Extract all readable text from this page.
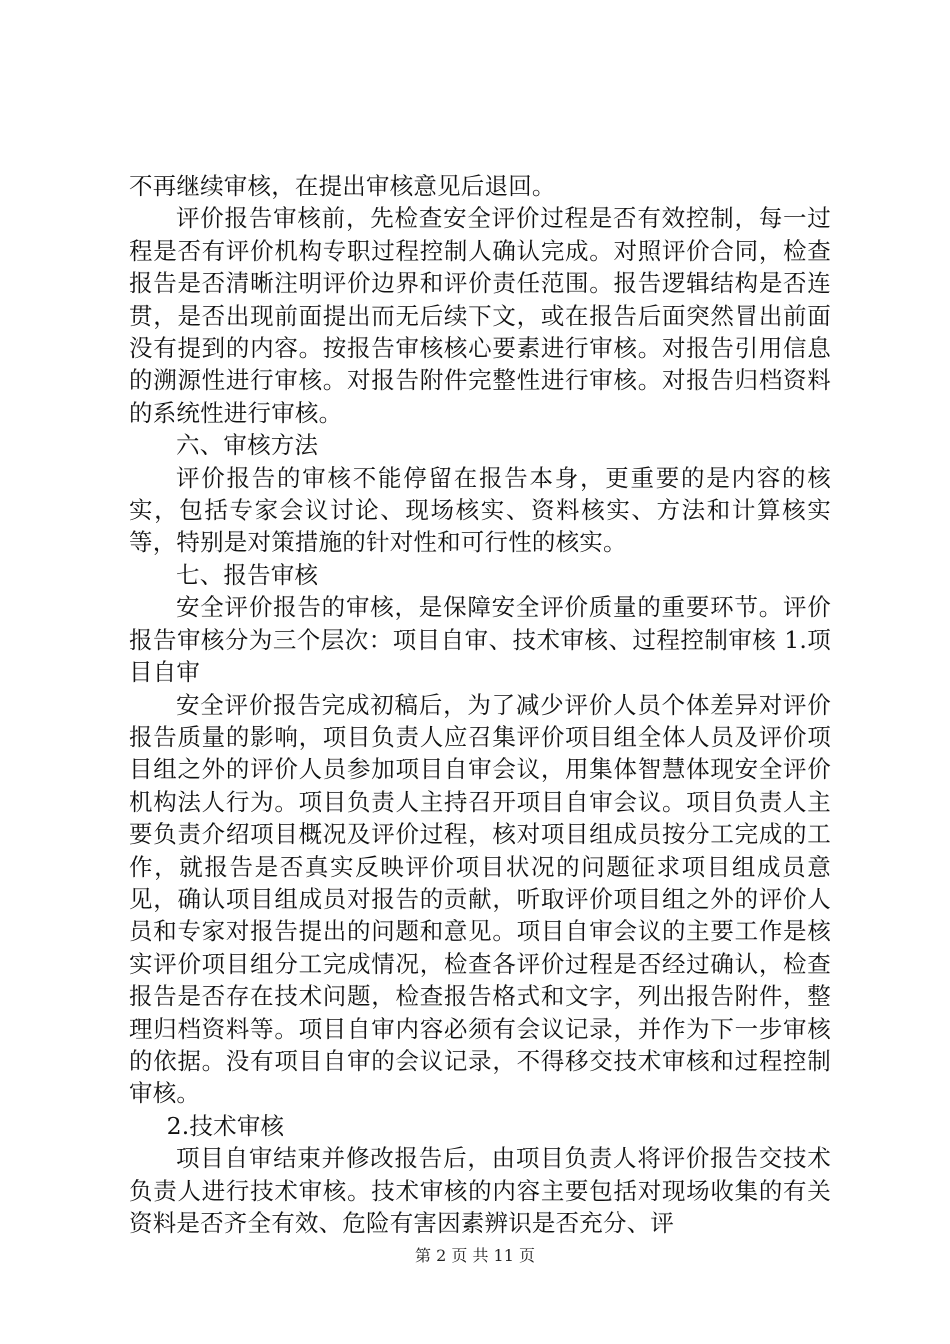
不再继续审核，在提出审核意见后退回。

评价报告审核前，先检查安全评价过程是否有效控制，每一过程是否有评价机构专职过程控制人确认完成。对照评价合同，检查报告是否清晰注明评价边界和评价责任范围。报告逻辑结构是否连贯，是否出现前面提出而无后续下文，或在报告后面突然冒出前面没有提到的内容。按报告审核核心要素进行审核。对报告引用信息的溯源性进行审核。对报告附件完整性进行审核。对报告归档资料的系统性进行审核。

六、审核方法

评价报告的审核不能停留在报告本身，更重要的是内容的核实，包括专家会议讨论、现场核实、资料核实、方法和计算核实等，特别是对策措施的针对性和可行性的核实。

七、报告审核

安全评价报告的审核，是保障安全评价质量的重要环节。评价报告审核分为三个层次：项目自审、技术审核、过程控制审核 1.项目自审

安全评价报告完成初稿后，为了减少评价人员个体差异对评价报告质量的影响，项目负责人应召集评价项目组全体人员及评价项目组之外的评价人员参加项目自审会议，用集体智慧体现安全评价机构法人行为。项目负责人主持召开项目自审会议。项目负责人主要负责介绍项目概况及评价过程，核对项目组成员按分工完成的工作，就报告是否真实反映评价项目状况的问题征求项目组成员意见，确认项目组成员对报告的贡献，听取评价项目组之外的评价人员和专家对报告提出的问题和意见。项目自审会议的主要工作是核实评价项目组分工完成情况，检查各评价过程是否经过确认，检查报告是否存在技术问题，检查报告格式和文字，列出报告附件，整理归档资料等。项目自审内容必须有会议记录，并作为下一步审核的依据。没有项目自审的会议记录，不得移交技术审核和过程控制审核。

2.技术审核

项目自审结束并修改报告后，由项目负责人将评价报告交技术负责人进行技术审核。技术审核的内容主要包括对现场收集的有关资料是否齐全有效、危险有害因素辨识是否充分、评

第 2 页 共 11 页
